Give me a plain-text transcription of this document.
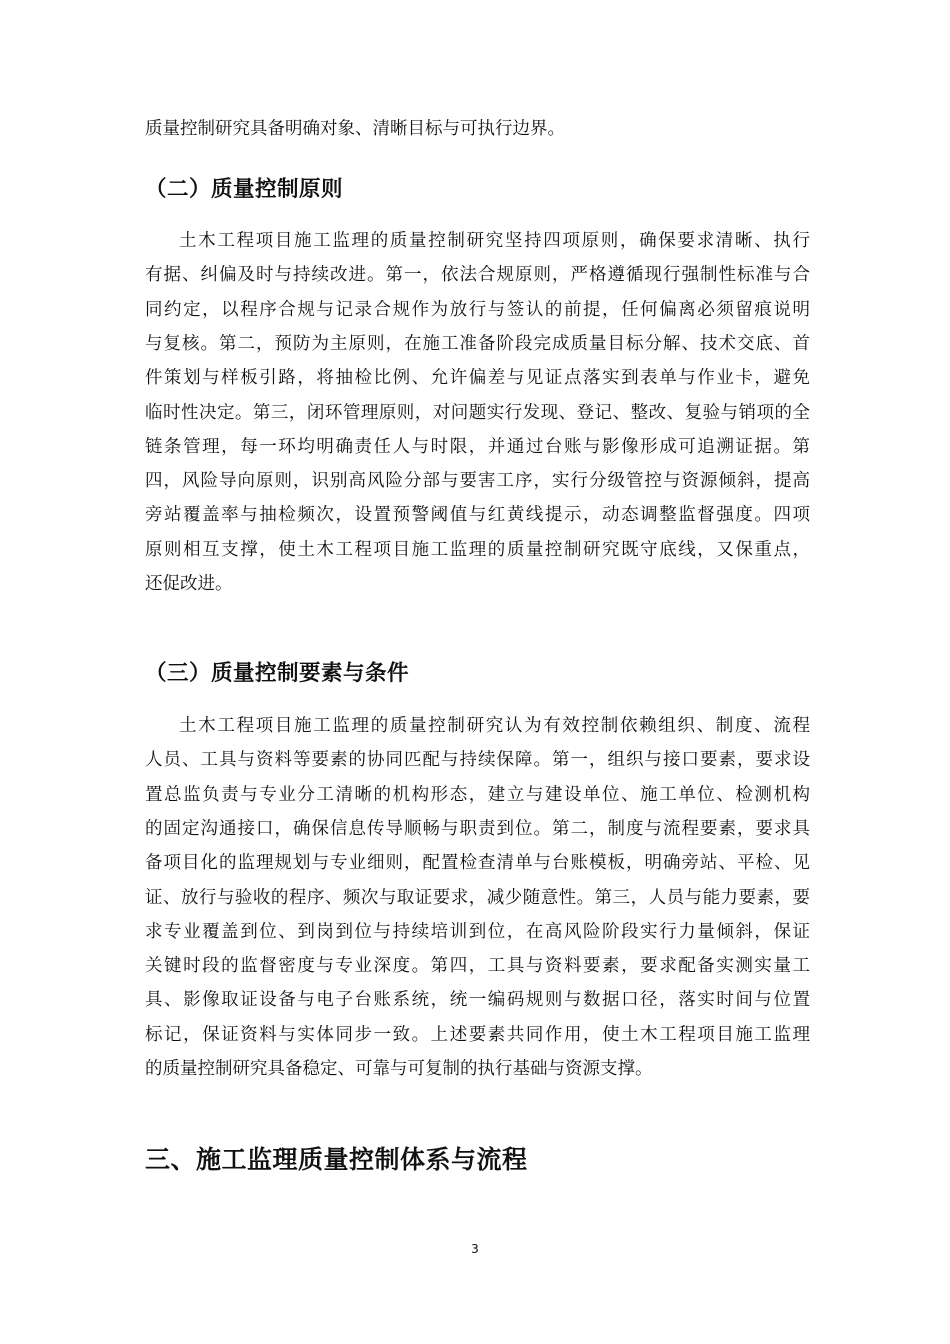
质量控制研究具备明确对象、清晰目标与可执行边界。
（二）质量控制原则
土木工程项目施工监理的质量控制研究坚持四项原则，确保要求清晰、执行
有据、纠偏及时与持续改进。第一，依法合规原则，严格遵循现行强制性标准与合
同约定，以程序合规与记录合规作为放行与签认的前提，任何偏离必须留痕说明
与复核。第二，预防为主原则，在施工准备阶段完成质量目标分解、技术交底、首
件策划与样板引路，将抽检比例、允许偏差与见证点落实到表单与作业卡，避免
临时性决定。第三，闭环管理原则，对问题实行发现、登记、整改、复验与销项的全
链条管理，每一环均明确责任人与时限，并通过台账与影像形成可追溯证据。第
四，风险导向原则，识别高风险分部与要害工序，实行分级管控与资源倾斜，提高
旁站覆盖率与抽检频次，设置预警阈值与红黄线提示，动态调整监督强度。四项
原则相互支撑，使土木工程项目施工监理的质量控制研究既守底线，又保重点，
还促改进。
（三）质量控制要素与条件
土木工程项目施工监理的质量控制研究认为有效控制依赖组织、制度、流程
人员、工具与资料等要素的协同匹配与持续保障。第一，组织与接口要素，要求设
置总监负责与专业分工清晰的机构形态，建立与建设单位、施工单位、检测机构
的固定沟通接口，确保信息传导顺畅与职责到位。第二，制度与流程要素，要求具
备项目化的监理规划与专业细则，配置检查清单与台账模板，明确旁站、平检、见
证、放行与验收的程序、频次与取证要求，减少随意性。第三，人员与能力要素，要
求专业覆盖到位、到岗到位与持续培训到位，在高风险阶段实行力量倾斜，保证
关键时段的监督密度与专业深度。第四，工具与资料要素，要求配备实测实量工
具、影像取证设备与电子台账系统，统一编码规则与数据口径，落实时间与位置
标记，保证资料与实体同步一致。上述要素共同作用，使土木工程项目施工监理
的质量控制研究具备稳定、可靠与可复制的执行基础与资源支撑。
三、施工监理质量控制体系与流程
3
